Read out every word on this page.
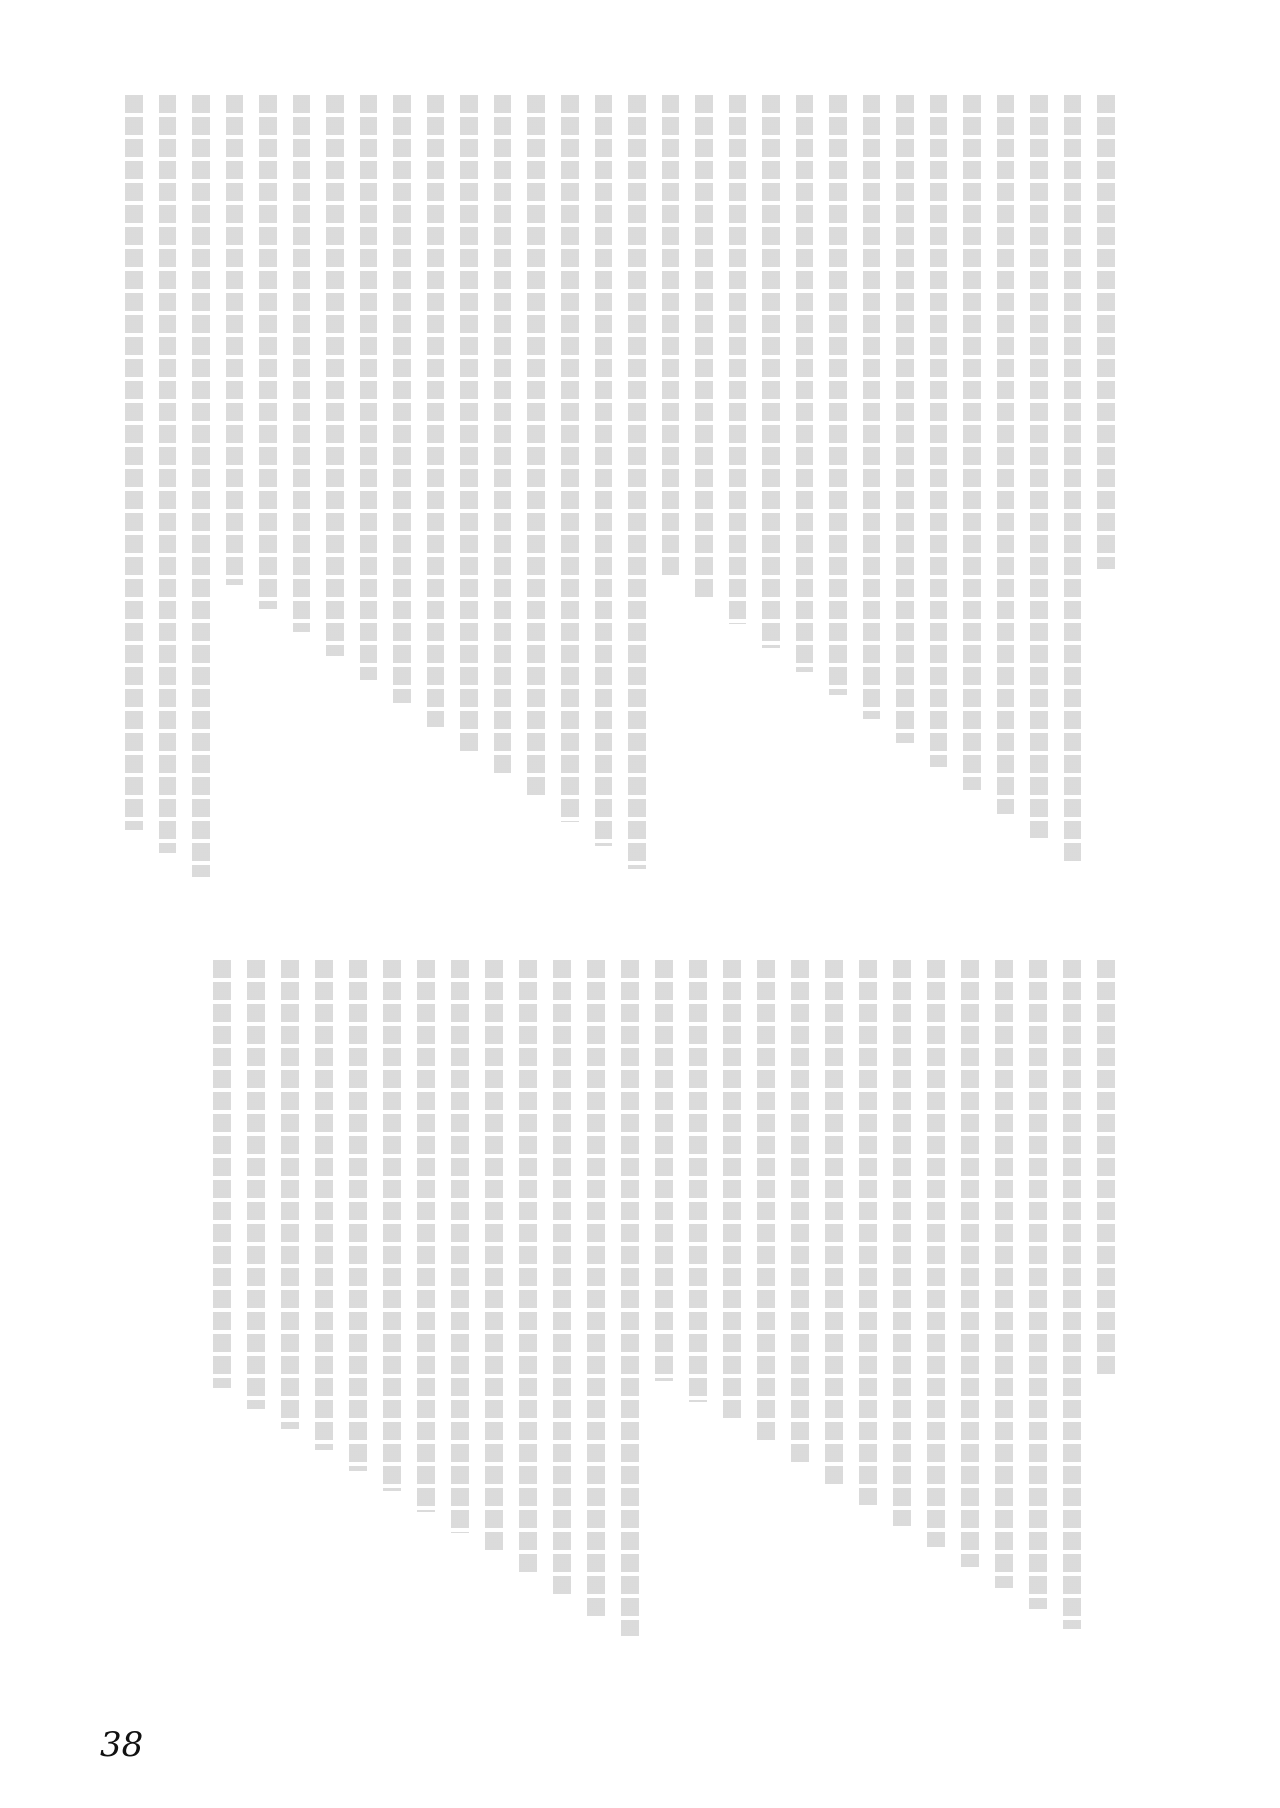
38
